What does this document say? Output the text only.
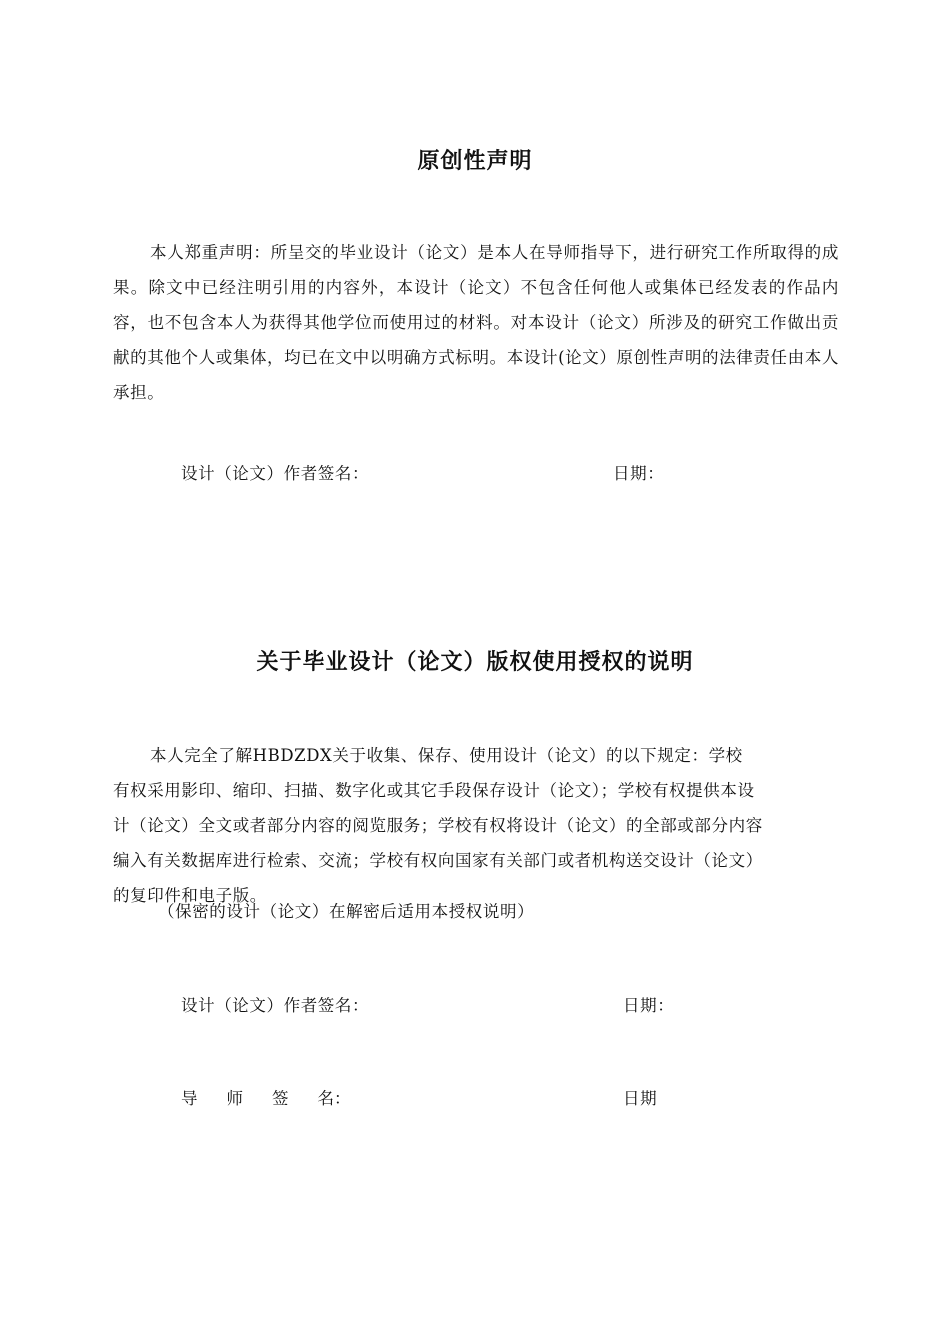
原创性声明

本人郑重声明：所呈交的毕业设计（论文）是本人在导师指导下，进行研究工作所取得的成果。除文中已经注明引用的内容外，本设计（论文）不包含任何他人或集体已经发表的作品内容，也不包含本人为获得其他学位而使用过的材料。对本设计（论文）所涉及的研究工作做出贡献的其他个人或集体，均已在文中以明确方式标明。本设计(论文）原创性声明的法律责任由本人承担。

设计（论文）作者签名：	日期：
关于毕业设计（论文）版权使用授权的说明
本人完全了解HBDZDX关于收集、保存、使用设计（论文）的以下规定：学校
有权采用影印、缩印、扫描、数字化或其它手段保存设计（论文）；学校有权提供本设
计（论文）全文或者部分内容的阅览服务；学校有权将设计（论文）的全部或部分内容
编入有关数据库进行检索、交流；学校有权向国家有关部门或者机构送交设计（论文）
的复印件和电子版。
（保密的设计（论文）在解密后适用本授权说明）
设计（论文）作者签名：	日期：
导 师 签 名：	日期
